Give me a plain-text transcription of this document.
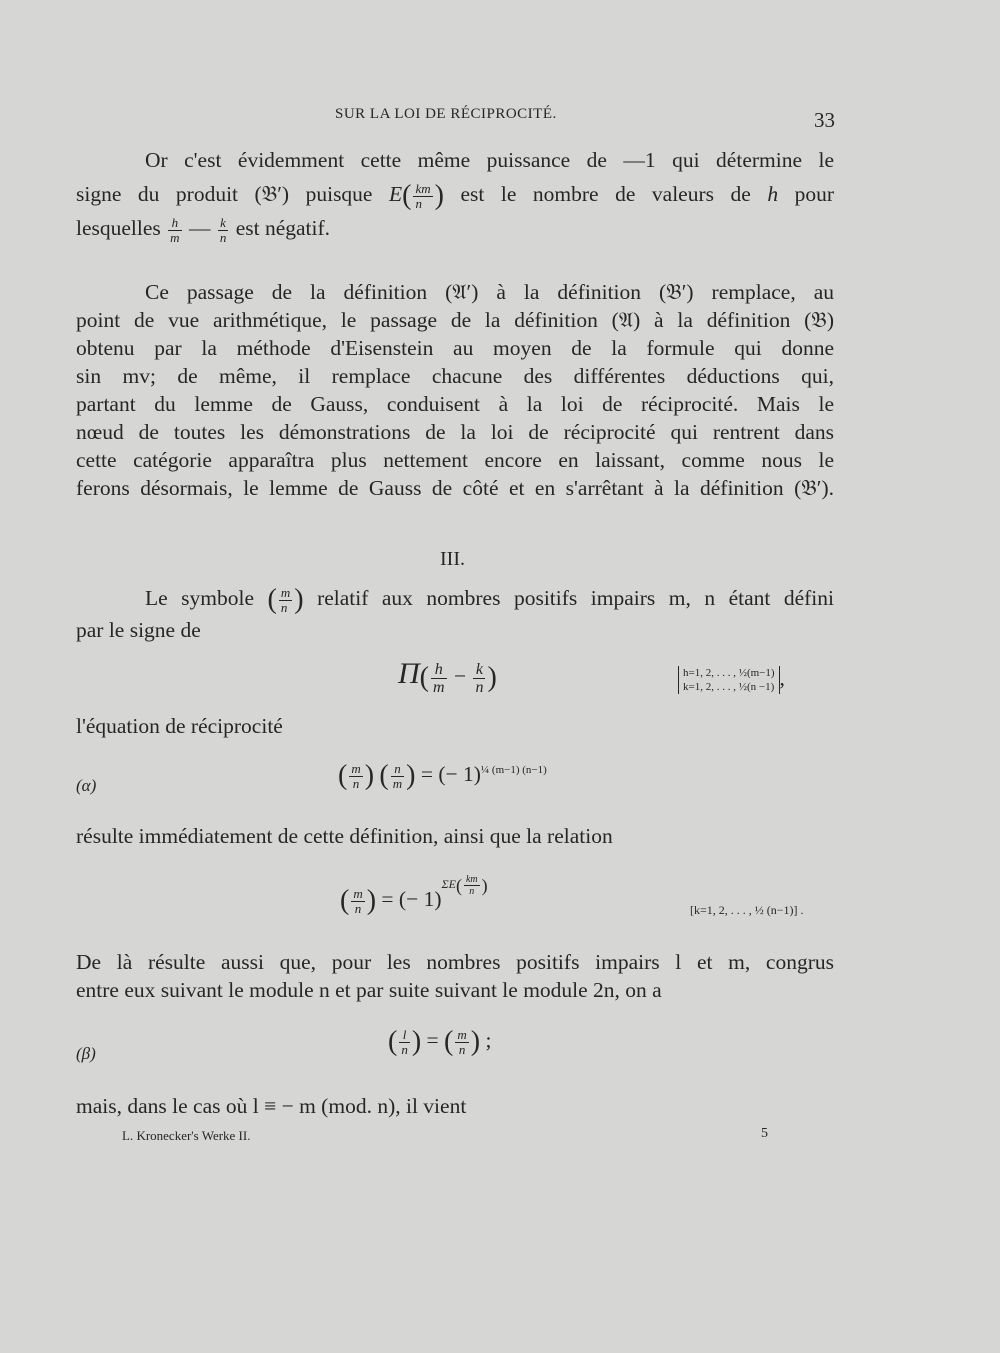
SUR LA LOI DE RÉCIPROCITÉ.	33
Or c'est évidemment cette même puissance de —1 qui détermine le
signe du produit (𝔅′) puisque $E( \frac{km}{n}$ ) est le nombre de valeurs de h pour
lesquelles $\frac{h}{m}$ — $\frac{k}{n}$ est négatif.
Ce passage de la définition (𝔄′) à la définition (𝔅′) remplace, au
point de vue arithmétique, le passage de la définition (𝔄) à la définition (𝔅)
obtenu par la méthode d'Eisenstein au moyen de la formule qui donne
sin mv; de même, il remplace chacune des différentes déductions qui,
partant du lemme de Gauss, conduisent à la loi de réciprocité. Mais le
nœud de toutes les démonstrations de la loi de réciprocité qui rentrent dans
cette catégorie apparaîtra plus nettement encore en laissant, comme nous le
ferons désormais, le lemme de Gauss de côté et en s'arrêtant à la définition (𝔅′).
III.
Le symbole ( $\frac{m}{n}$ ) relatif aux nombres positifs impairs m, n étant défini
par le signe de
$\Pi( \frac{h}{m} - \frac{k}{n}$ )	h=1, 2, . . . , ½(m−1)
k=1, 2, . . . , ½(n −1) ,
l'équation de réciprocité
(α)	( $\frac{m}{n}$ ) ( $\frac{n}{m}$ ) = (− 1)$^{\frac{1}{4} (m-1) (n-1)}$
résulte immédiatement de cette définition, ainsi que la relation
( $\frac{m}{n}$ ) = (− $1)\Sigma E( \frac{km}{n}$ )
[k=1, 2, . . . , ½ (n−1)] .
De là résulte aussi que, pour les nombres positifs impairs l et m, congrus
entre eux suivant le module n et par suite suivant le module 2n, on a
(β)	( $\frac{l}{n}$ ) = ( $\frac{m}{n}$ ) ;
mais, dans le cas où l ≡ − m (mod. n), il vient
L. Kronecker's Werke II.	5
